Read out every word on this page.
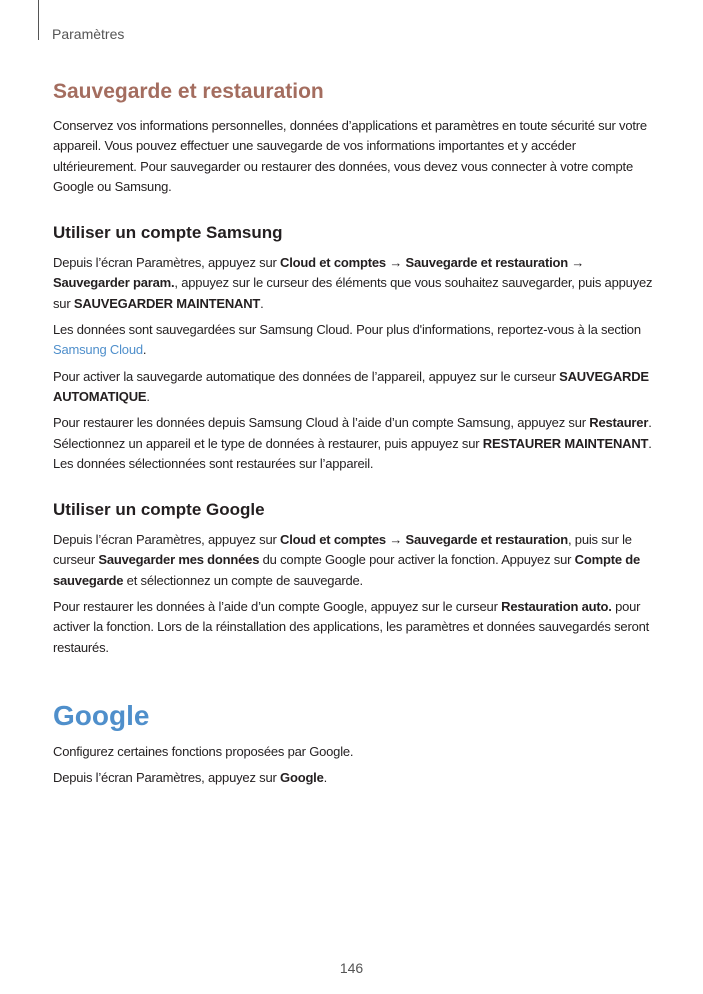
Paramètres
Sauvegarde et restauration

Conservez vos informations personnelles, données d’applications et paramètres en toute sécurité sur votre appareil. Vous pouvez effectuer une sauvegarde de vos informations importantes et y accéder ultérieurement. Pour sauvegarder ou restaurer des données, vous devez vous connecter à votre compte Google ou Samsung.

Utiliser un compte Samsung

Depuis l’écran Paramètres, appuyez sur Cloud et comptes → Sauvegarde et restauration → Sauvegarder param., appuyez sur le curseur des éléments que vous souhaitez sauvegarder, puis appuyez sur SAUVEGARDER MAINTENANT.

Les données sont sauvegardées sur Samsung Cloud. Pour plus d'informations, reportez-vous à la section Samsung Cloud.

Pour activer la sauvegarde automatique des données de l’appareil, appuyez sur le curseur SAUVEGARDE AUTOMATIQUE.

Pour restaurer les données depuis Samsung Cloud à l’aide d’un compte Samsung, appuyez sur Restaurer. Sélectionnez un appareil et le type de données à restaurer, puis appuyez sur RESTAURER MAINTENANT. Les données sélectionnées sont restaurées sur l’appareil.

Utiliser un compte Google

Depuis l’écran Paramètres, appuyez sur Cloud et comptes → Sauvegarde et restauration, puis sur le curseur Sauvegarder mes données du compte Google pour activer la fonction. Appuyez sur Compte de sauvegarde et sélectionnez un compte de sauvegarde.

Pour restaurer les données à l’aide d’un compte Google, appuyez sur le curseur Restauration auto. pour activer la fonction. Lors de la réinstallation des applications, les paramètres et données sauvegardés seront restaurés.

Google

Configurez certaines fonctions proposées par Google.

Depuis l’écran Paramètres, appuyez sur Google.

146
